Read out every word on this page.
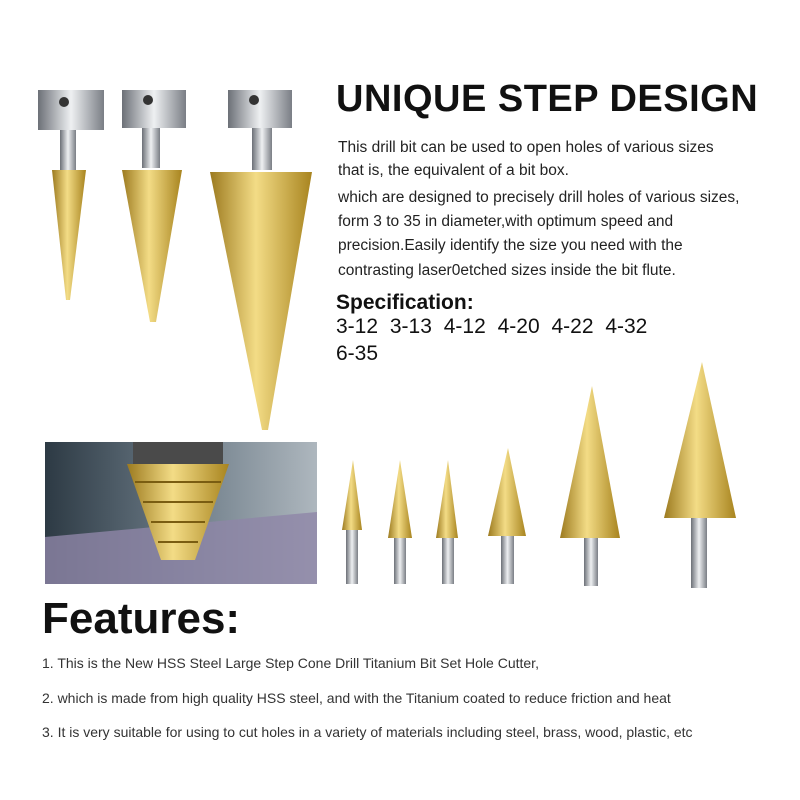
UNIQUE STEP DESIGN
This drill bit can be used to open holes of various sizes
that is, the equivalent of a bit box.
which are designed to precisely drill holes of various sizes,
form 3 to 35 in diameter,with optimum speed and
precision.Easily identify the size you need with the
contrasting laser0etched sizes inside the bit flute.
Specification:
3-12 3-13 4-12 4-20 4-22 4-32
6-35
Features:
1. This is the New HSS Steel Large Step Cone Drill Titanium Bit Set Hole Cutter,
2. which is made from high quality HSS steel, and with the Titanium coated to reduce friction and heat
3. It is very suitable for using to cut holes in a variety of materials including steel, brass, wood, plastic, etc
